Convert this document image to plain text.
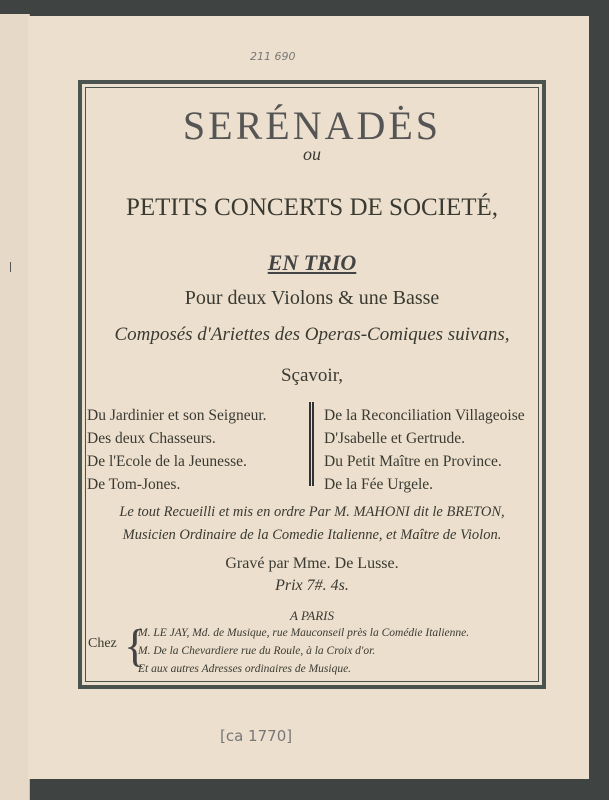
211 690
SERÉNADĖS
ou
PETITS CONCERTS DE SOCIETÉ,
EN TRIO
Pour deux Violons & une Basse
Composés d'Ariettes des Operas-Comiques suivans,
Sçavoir,
Du Jardinier et son Seigneur.
Des deux Chasseurs.
De l'Ecole de la Jeunesse.
De Tom-Jones.
De la Reconciliation Villageoise
D'Jsabelle et Gertrude.
Du Petit Maître en Province.
De la Fée Urgele.
Le tout Recueilli et mis en ordre Par M. MAHONI dit le BRETON,
Musicien Ordinaire de la Comedie Italienne, et Maître de Violon.
Gravé par Mme. De Lusse.
Prix 7#. 4s.
A PARIS
Chez {
M. LE JAY, Md. de Musique, rue Mauconseil près la Comédie Italienne.
M. De la Chevardiere rue du Roule, à la Croix d'or.
Et aux autres Adresses ordinaires de Musique.
[ca 1770]
